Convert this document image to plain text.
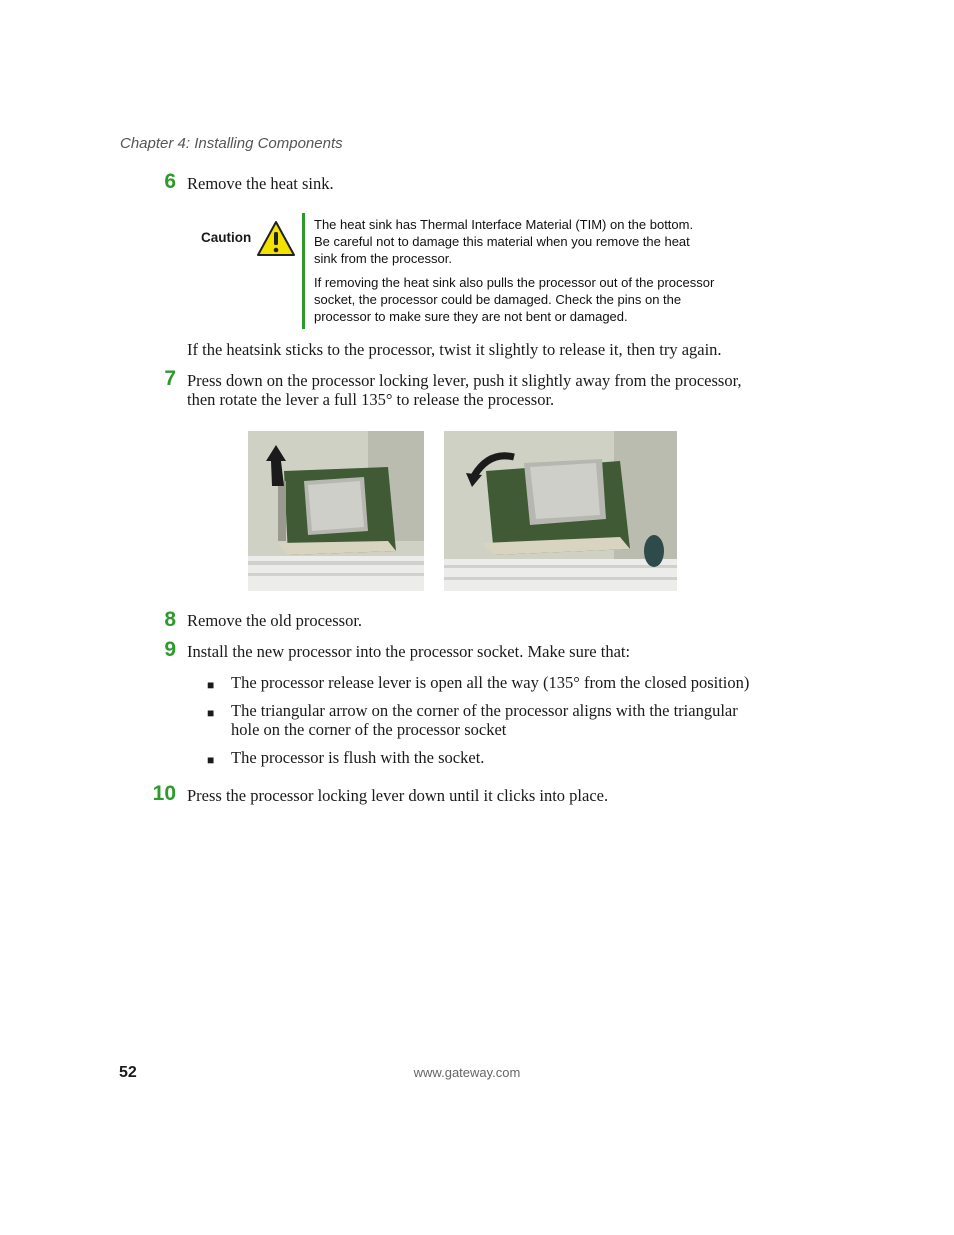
Chapter 4: Installing Components
6 Remove the heat sink.
Caution
The heat sink has Thermal Interface Material (TIM) on the bottom.
Be careful not to damage this material when you remove the heat
sink from the processor.
If removing the heat sink also pulls the processor out of the processor
socket, the processor could be damaged. Check the pins on the
processor to make sure they are not bent or damaged.
If the heatsink sticks to the processor, twist it slightly to release it, then try again.
7 Press down on the processor locking lever, push it slightly away from the processor,
then rotate the lever a full 135° to release the processor.
8 Remove the old processor.
9 Install the new processor into the processor socket. Make sure that:
■ The processor release lever is open all the way (135° from the closed position)
■ The triangular arrow on the corner of the processor aligns with the triangular
hole on the corner of the processor socket
■ The processor is flush with the socket.
10 Press the processor locking lever down until it clicks into place.
52	www.gateway.com
